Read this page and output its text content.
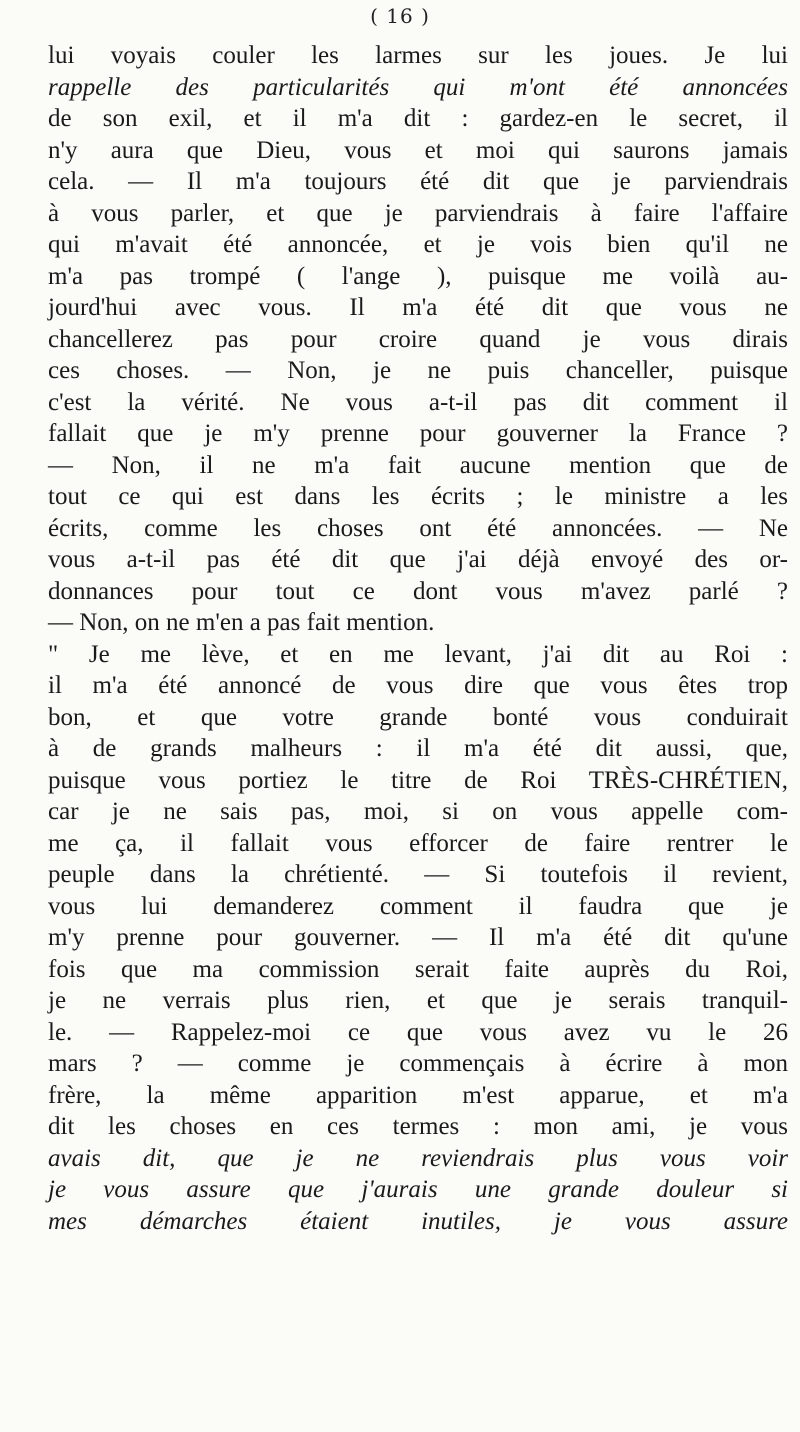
( 16 )
lui voyais couler les larmes sur les joues. Je lui
rappelle des particularités qui m'ont été annoncées
de son exil, et il m'a dit : gardez-en le secret, il
n'y aura que Dieu, vous et moi qui saurons jamais
cela. — Il m'a toujours été dit que je parviendrais
à vous parler, et que je parviendrais à faire l'affaire
qui m'avait été annoncée, et je vois bien qu'il ne
m'a pas trompé ( l'ange ), puisque me voilà au-
jourd'hui avec vous. Il m'a été dit que vous ne
chancellerez pas pour croire quand je vous dirais
ces choses. — Non, je ne puis chanceller, puisque
c'est la vérité. Ne vous a-t-il pas dit comment il
fallait que je m'y prenne pour gouverner la France ?
— Non, il ne m'a fait aucune mention que de
tout ce qui est dans les écrits ; le ministre a les
écrits, comme les choses ont été annoncées. — Ne
vous a-t-il pas été dit que j'ai déjà envoyé des or-
donnances pour tout ce dont vous m'avez parlé ?
— Non, on ne m'en a pas fait mention.
" Je me lève, et en me levant, j'ai dit au Roi :
il m'a été annoncé de vous dire que vous êtes trop
bon, et que votre grande bonté vous conduirait
à de grands malheurs : il m'a été dit aussi, que,
puisque vous portiez le titre de Roi TRÈS-CHRÉTIEN,
car je ne sais pas, moi, si on vous appelle com-
me ça, il fallait vous efforcer de faire rentrer le
peuple dans la chrétienté. — Si toutefois il revient,
vous lui demanderez comment il faudra que je
m'y prenne pour gouverner. — Il m'a été dit qu'une
fois que ma commission serait faite auprès du Roi,
je ne verrais plus rien, et que je serais tranquil-
le. — Rappelez-moi ce que vous avez vu le 26
mars ? — comme je commençais à écrire à mon
frère, la même apparition m'est apparue, et m'a
dit les choses en ces termes : mon ami, je vous
avais dit, que je ne reviendrais plus vous voir
je vous assure que j'aurais une grande douleur si
mes démarches étaient inutiles, je vous assure
